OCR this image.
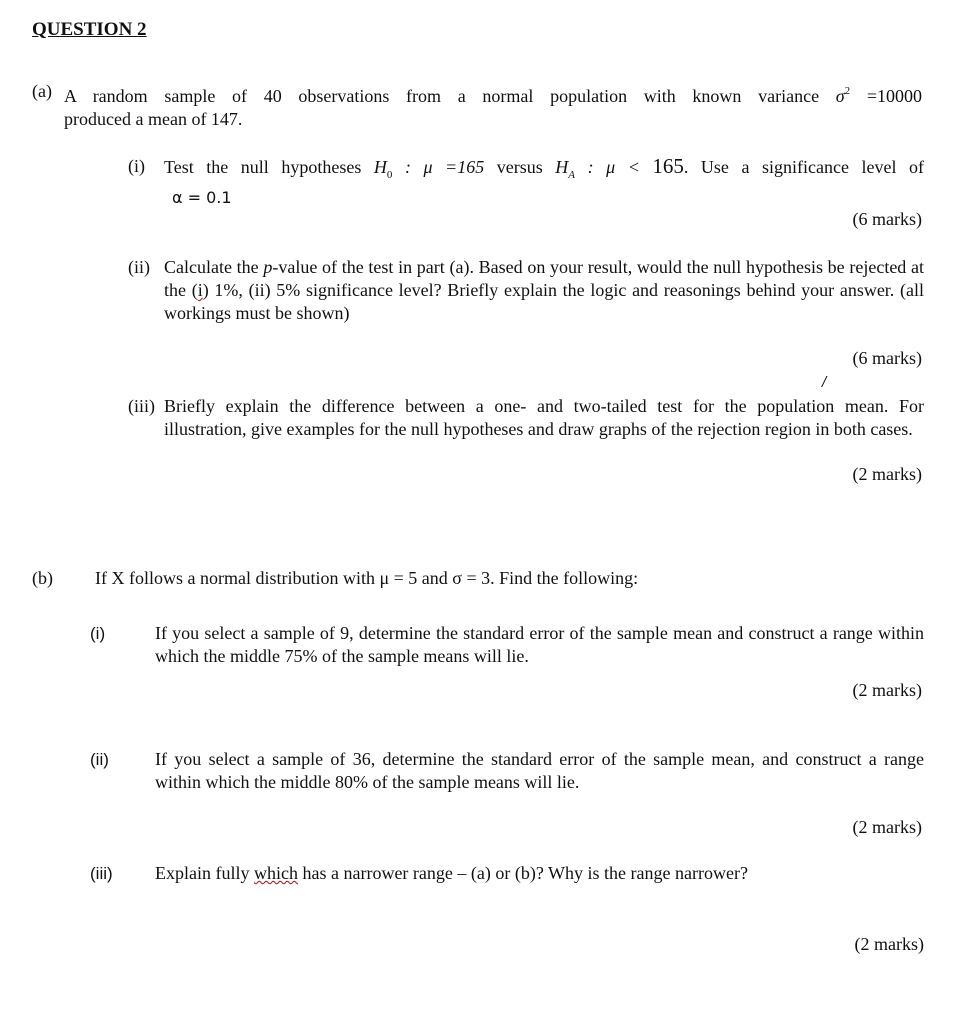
QUESTION 2
(a) A random sample of 40 observations from a normal population with known variance $\sigma^2 =10000$
produced a mean of 147.
(i) Test the null hypotheses $H_0$ : μ =165 versus $H_A$ : μ < 165. Use a significance level of
α = 0.1
(6 marks)
(ii) Calculate the p-value of the test in part (a). Based on your result, would the null hypothesis be rejected at the (i) 1%, (ii) 5% significance level? Briefly explain the logic and reasonings behind your answer. (all workings must be shown)
(6 marks)
/
(iii) Briefly explain the difference between a one- and two-tailed test for the population mean. For illustration, give examples for the null hypotheses and draw graphs of the rejection region in both cases.
(2 marks)
(b) If X follows a normal distribution with μ = 5 and σ = 3. Find the following:
(i)	If you select a sample of 9, determine the standard error of the sample mean and construct a range within which the middle 75% of the sample means will lie.
(2 marks)
(ii)	If you select a sample of 36, determine the standard error of the sample mean, and construct a range within which the middle 80% of the sample means will lie.
(2 marks)
(iii) Explain fully which has a narrower range – (a) or (b)? Why is the range narrower?
(2 marks)
